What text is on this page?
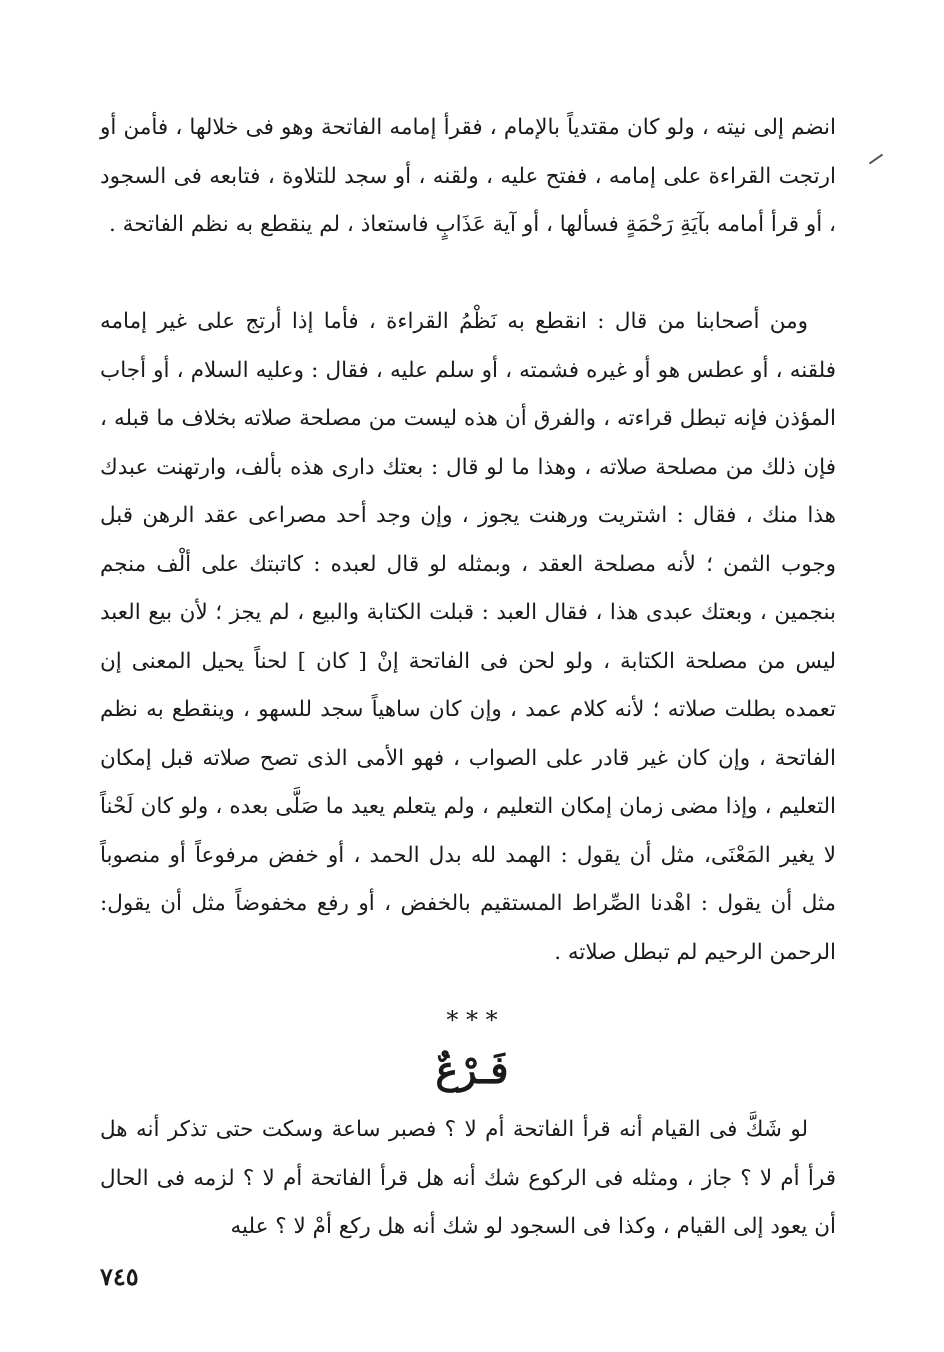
انضم إلى نيته ، ولو كان مقتدياً بالإمام ، فقرأ إمامه الفاتحة وهو فى خلالها ، فأمن أو ارتجت القراءة على إمامه ، ففتح عليه ، ولقنه ، أو سجد للتلاوة ، فتابعه فى السجود ، أو قرأ أمامه بآيَةِ رَحْمَةٍ فسألها ، أو آية عَذَابٍ فاستعاذ ، لم ينقطع به نظم الفاتحة .

ومن أصحابنا من قال : انقطع به نَظْمُ القراءة ، فأما إذا أرتج على غير إمامه فلقنه ، أو عطس هو أو غيره فشمته ، أو سلم عليه ، فقال : وعليه السلام ، أو أجاب المؤذن فإنه تبطل قراءته ، والفرق أن هذه ليست من مصلحة صلاته بخلاف ما قبله ، فإن ذلك من مصلحة صلاته ، وهذا ما لو قال : بعتك دارى هذه بألف، وارتهنت عبدك هذا منك ، فقال : اشتريت ورهنت يجوز ، وإن وجد أحد مصراعى عقد الرهن قبل وجوب الثمن ؛ لأنه مصلحة العقد ، وبمثله لو قال لعبده : كاتبتك على ألْف منجم بنجمين ، وبعتك عبدى هذا ، فقال العبد : قبلت الكتابة والبيع ، لم يجز ؛ لأن بيع العبد ليس من مصلحة الكتابة ، ولو لحن فى الفاتحة إنْ [ كان ] لحناً يحيل المعنى إن تعمده بطلت صلاته ؛ لأنه كلام عمد ، وإن كان ساهياً سجد للسهو ، وينقطع به نظم الفاتحة ، وإن كان غير قادر على الصواب ، فهو الأمى الذى تصح صلاته قبل إمكان التعليم ، وإذا مضى زمان إمكان التعليم ، ولم يتعلم يعيد ما صَلَّى بعده ، ولو كان لَحْناً لا يغير المَعْنَى، مثل أن يقول : الهمد لله بدل الحمد ، أو خفض مرفوعاً أو منصوباً مثل أن يقول : اهْدنا الصِّراط المستقيم بالخفض ، أو رفع مخفوضاً مثل أن يقول: الرحمن الرحيم لم تبطل صلاته .

* * *
فَـرْعٌ

لو شَكَّ فى القيام أنه قرأ الفاتحة أم لا ؟ فصبر ساعة وسكت حتى تذكر أنه هل قرأ أم لا ؟ جاز ، ومثله فى الركوع شك أنه هل قرأ الفاتحة أم لا ؟ لزمه فى الحال أن يعود إلى القيام ، وكذا فى السجود لو شك أنه هل ركع أمْ لا ؟ عليه

٧٤٥
